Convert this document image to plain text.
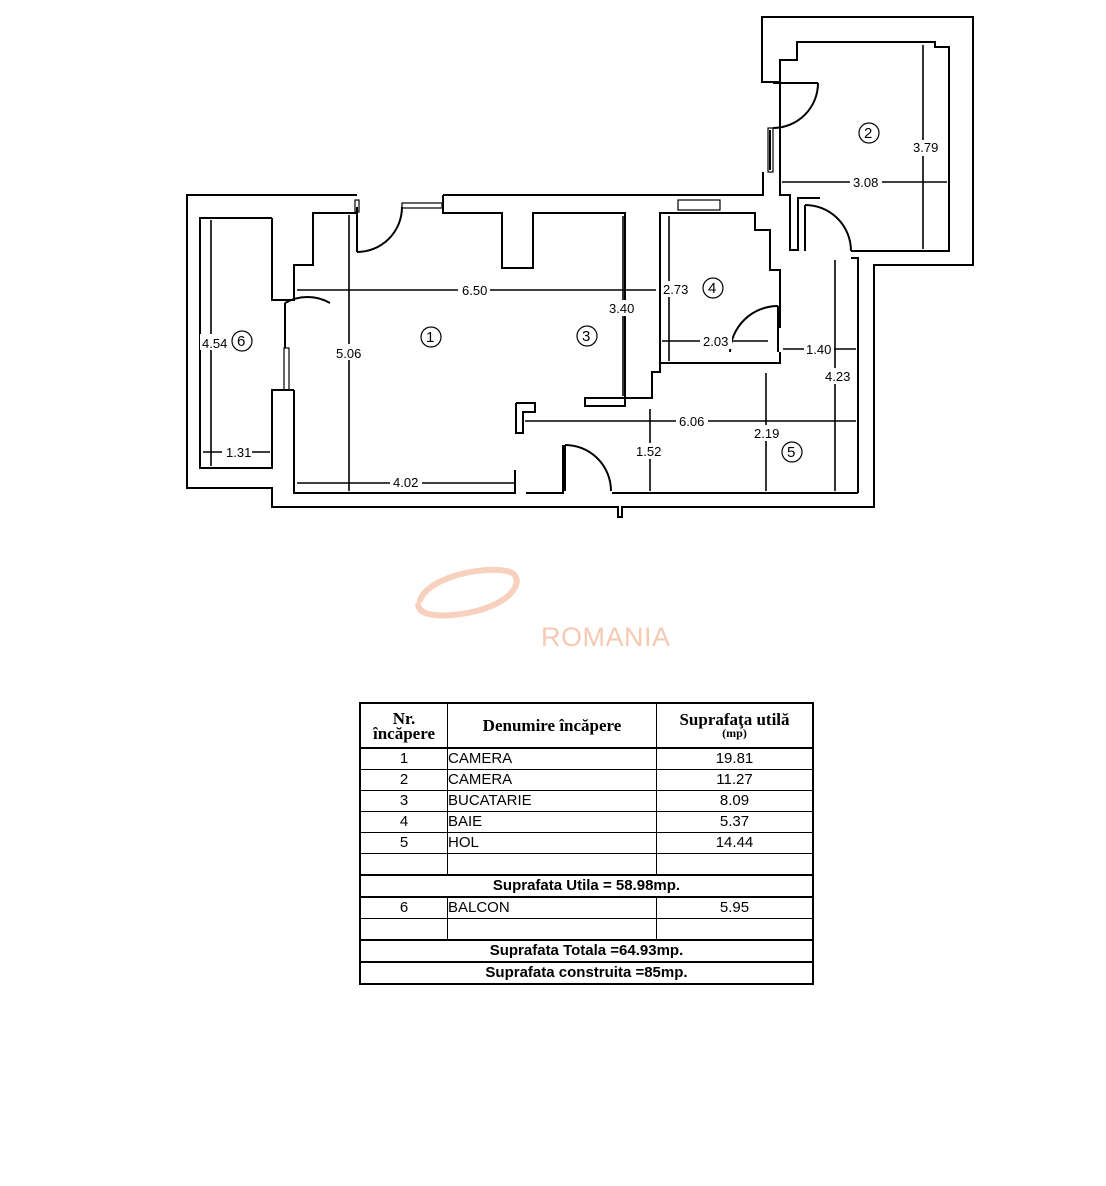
6.50
5.06
4.54
1.31
4.02
3.40
2.73
2.03
1.40
4.23
6.06
2.19
1.52
3.08
3.79
1
2
3
4
5
6
ROMANIA
Nr.
încăpere	Denumire încăpere	Suprafaţa utilă
(mp)

1	CAMERA	19.81
2	CAMERA	11.27
3	BUCATARIE	8.09
4	BAIE	5.37
5	HOL	14.44

Suprafata Utila = 58.98mp.		
6	BALCON	5.95

Suprafata Totala =64.93mp.		
Suprafata construita =85mp.		
